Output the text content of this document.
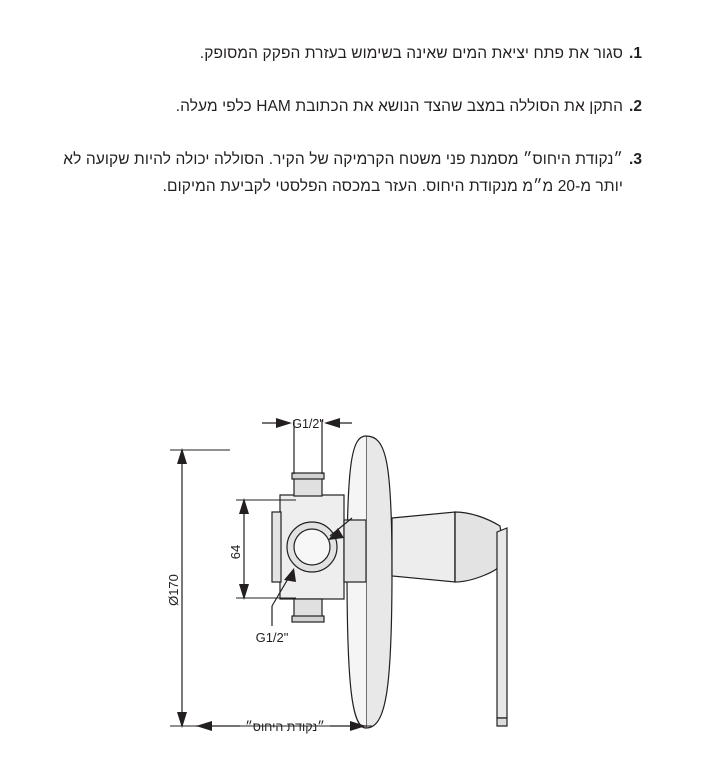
1.
סגור את פתח יציאת המים שאינה בשימוש בעזרת הפקק המסופק.
2.
התקן את הסוללה במצב שהצד הנושא את הכתובת HAM כלפי מעלה.
3.
״נקודת היחוס״ מסמנת פני משטח הקרמיקה של הקיר. הסוללה יכולה להיות שקועה לא יותר מ-20 מ״מ מנקודת היחוס. העזר במכסה הפלסטי לקביעת המיקום.
Ø170
64
G1/2"
G1/2"
״נקודת היחוס״
